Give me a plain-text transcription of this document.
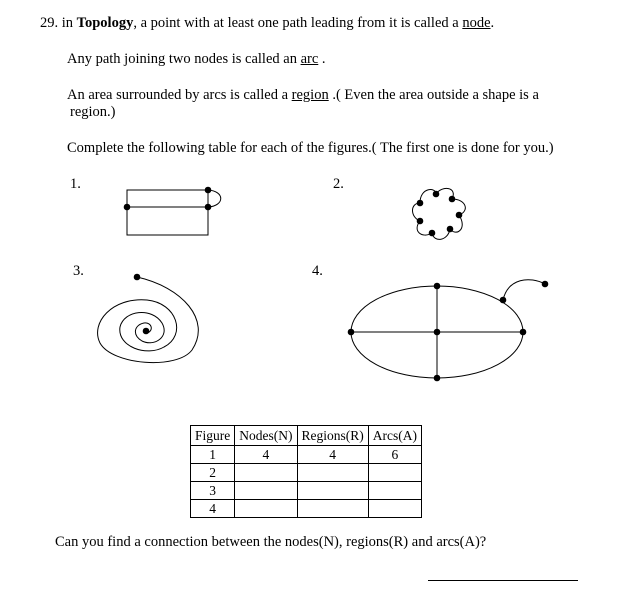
29. in Topology, a point with at least one path leading from it is called a node.
Any path joining two nodes is called an arc .
An area surrounded by arcs is called a region .( Even the area outside a shape is a
region.)
Complete the following table for each of the figures.( The first one is done for you.)
1.	2.
3.	4.
Figure	Nodes(N)	Regions(R)	Arcs(A)
1	4	4	6
2			
3			
4			
Can you find a connection between the nodes(N), regions(R) and arcs(A)?
